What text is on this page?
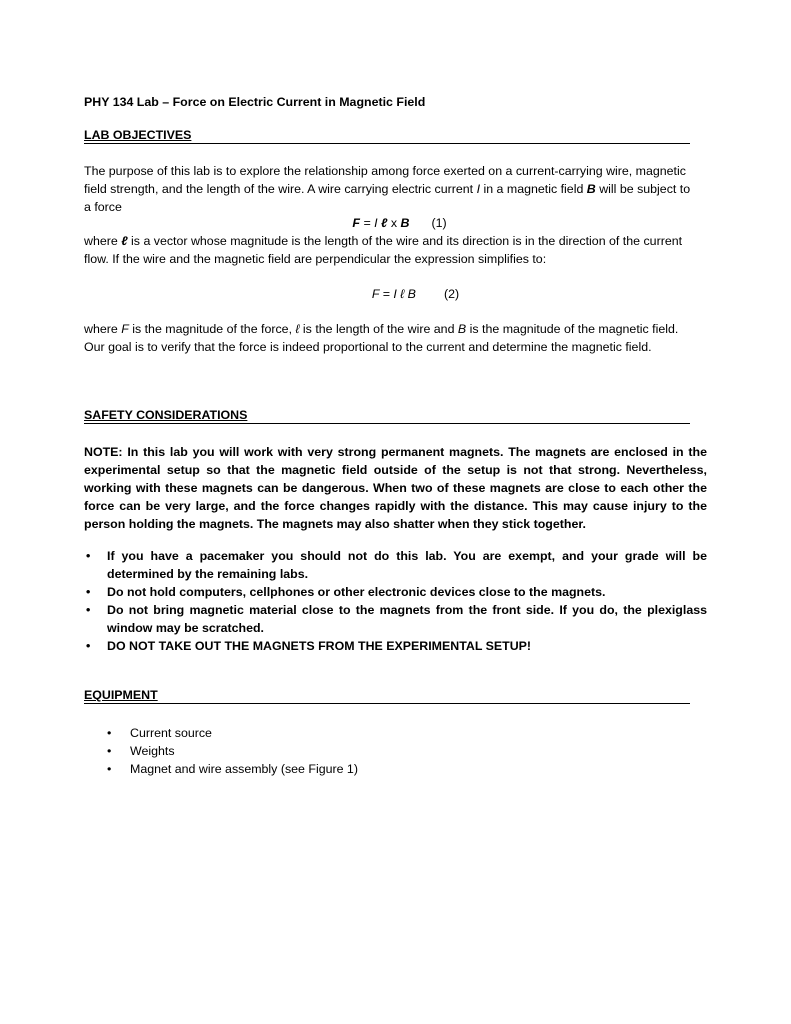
PHY 134 Lab – Force on Electric Current in Magnetic Field
LAB OBJECTIVES
The purpose of this lab is to explore the relationship among force exerted on a current-carrying wire, magnetic field strength, and the length of the wire. A wire carrying electric current I in a magnetic field B will be subject to a force
F = I ℓ x B (1)
where ℓ is a vector whose magnitude is the length of the wire and its direction is in the direction of the current flow. If the wire and the magnetic field are perpendicular the expression simplifies to:
F = I ℓ B (2)
where F is the magnitude of the force, ℓ is the length of the wire and B is the magnitude of the magnetic field. Our goal is to verify that the force is indeed proportional to the current and determine the magnetic field.
SAFETY CONSIDERATIONS
NOTE: In this lab you will work with very strong permanent magnets. The magnets are enclosed in the experimental setup so that the magnetic field outside of the setup is not that strong. Nevertheless, working with these magnets can be dangerous. When two of these magnets are close to each other the force can be very large, and the force changes rapidly with the distance. This may cause injury to the person holding the magnets. The magnets may also shatter when they stick together.
• If you have a pacemaker you should not do this lab. You are exempt, and your grade will be determined by the remaining labs.
• Do not hold computers, cellphones or other electronic devices close to the magnets.
• Do not bring magnetic material close to the magnets from the front side. If you do, the plexiglass window may be scratched.
• DO NOT TAKE OUT THE MAGNETS FROM THE EXPERIMENTAL SETUP!
EQUIPMENT
• Current source
• Weights
• Magnet and wire assembly (see Figure 1)
